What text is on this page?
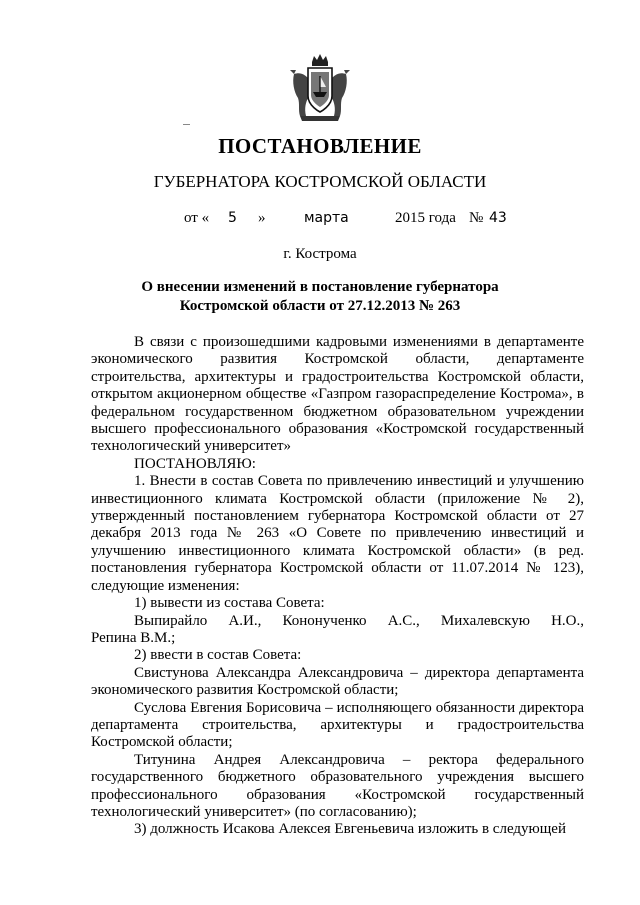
ПОСТАНОВЛЕНИЕ
ГУБЕРНАТОРА КОСТРОМСКОЙ ОБЛАСТИ
от « 5 »	марта	2015 года № 43
г. Кострома
О внесении изменений в постановление губернатора
Костромской области от 27.12.2013 № 263

В связи с произошедшими кадровыми изменениями в департаменте экономического развития Костромской области, департаменте строительства, архитектуры и градостроительства Костромской области, открытом акционерном обществе «Газпром газораспределение Кострома», в федеральном государственном бюджетном образовательном учреждении высшего профессионального образования «Костромской государственный технологический университет»

ПОСТАНОВЛЯЮ:

1. Внести в состав Совета по привлечению инвестиций и улучшению инвестиционного климата Костромской области (приложение № 2), утвержденный постановлением губернатора Костромской области от 27 декабря 2013 года № 263 «О Совете по привлечению инвестиций и улучшению инвестиционного климата Костромской области» (в ред. постановления губернатора Костромской области от 11.07.2014 № 123), следующие изменения:

1) вывести из состава Совета:

Выпирайло А.И., Кононученко А.С., Михалевскую Н.О.,

Репина В.М.;

2) ввести в состав Совета:

Свистунова Александра Александровича – директора департамента экономического развития Костромской области;

Суслова Евгения Борисовича – исполняющего обязанности директора департамента строительства, архитектуры и градостроительства Костромской области;

Титунина Андрея Александровича – ректора федерального государственного бюджетного образовательного учреждения высшего профессионального образования «Костромской государственный технологический университет» (по согласованию);

3) должность Исакова Алексея Евгеньевича изложить в следующей
